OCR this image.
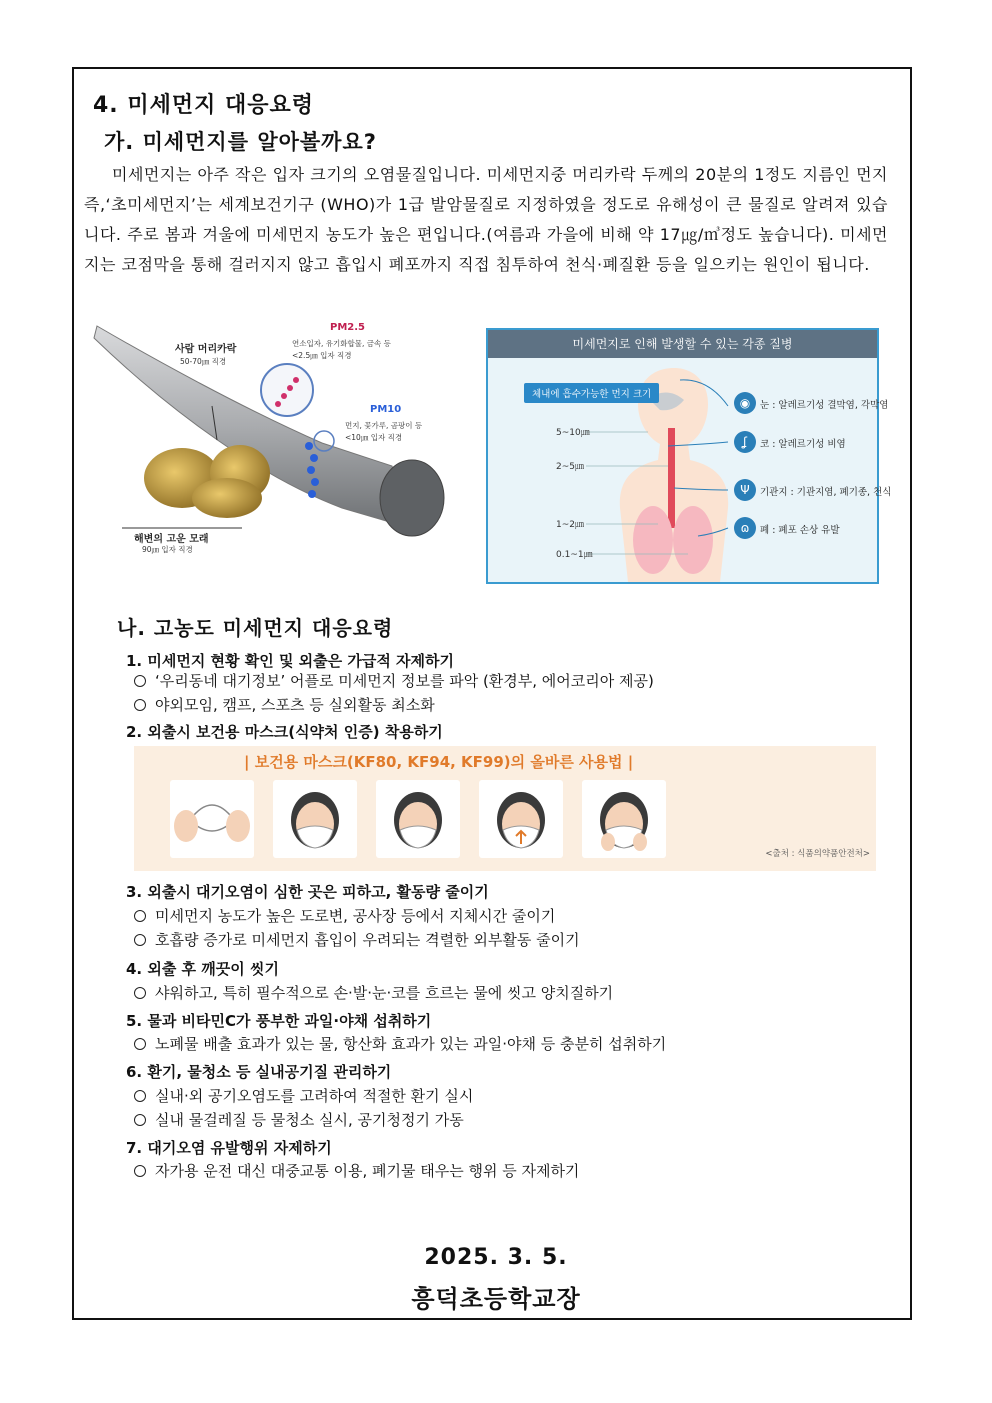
4. 미세먼지 대응요령
가. 미세먼지를 알아볼까요?

미세먼지는 아주 작은 입자 크기의 오염물질입니다. 미세먼지중 머리카락 두께의 20분의 1정도 지름인 먼지 즉,‘초미세먼지’는 세계보건기구 (WHO)가 1급 발암물질로 지정하였을 정도로 유해성이 큰 물질로 알려져 있습니다. 주로 봄과 겨울에 미세먼지 농도가 높은 편입니다.(여름과 가을에 비해 약 17㎍/㎥정도 높습니다). 미세먼지는 코점막을 통해 걸러지지 않고 흡입시 폐포까지 직접 침투하여 천식·폐질환 등을 일으키는 원인이 됩니다.

사람 머리카락
50-70㎛ 직경
PM2.5
연소입자, 유기화합물, 금속 등
<2.5㎛ 입자 직경
PM10
먼지, 꽃가루, 곰팡이 등
<10㎛ 입자 직경
해변의 고운 모래
90㎛ 입자 직경
미세먼지로 인해 발생할 수 있는 각종 질병
체내에 흡수가능한 먼지 크기
5~10㎛
2~5㎛
1~2㎛
0.1~1㎛
◉
ʆ
Ψ
ɷ
눈 : 알레르기성 결막염, 각막염
코 : 알레르기성 비염
기관지 : 기관지염, 폐기종, 천식
폐 : 폐포 손상 유발
나. 고농도 미세먼지 대응요령
1. 미세먼지 현황 확인 및 외출은 가급적 자제하기
‘우리동네 대기정보’ 어플로 미세먼지 정보를 파악 (환경부, 에어코리아 제공)
야외모임, 캠프, 스포츠 등 실외활동 최소화
2. 외출시 보건용 마스크(식약처 인증) 착용하기
| 보건용 마스크(KF80, KF94, KF99)의 올바른 사용법 |
<출처 : 식품의약품안전처>
3. 외출시 대기오염이 심한 곳은 피하고, 활동량 줄이기
미세먼지 농도가 높은 도로변, 공사장 등에서 지체시간 줄이기
호흡량 증가로 미세먼지 흡입이 우려되는 격렬한 외부활동 줄이기
4. 외출 후 깨끗이 씻기
샤워하고, 특히 필수적으로 손·발·눈·코를 흐르는 물에 씻고 양치질하기
5. 물과 비타민C가 풍부한 과일·야채 섭취하기
노폐물 배출 효과가 있는 물, 항산화 효과가 있는 과일·야채 등 충분히 섭취하기
6. 환기, 물청소 등 실내공기질 관리하기
실내·외 공기오염도를 고려하여 적절한 환기 실시
실내 물걸레질 등 물청소 실시, 공기청정기 가동
7. 대기오염 유발행위 자제하기
자가용 운전 대신 대중교통 이용, 폐기물 태우는 행위 등 자제하기
2025. 3. 5.
흥덕초등학교장
